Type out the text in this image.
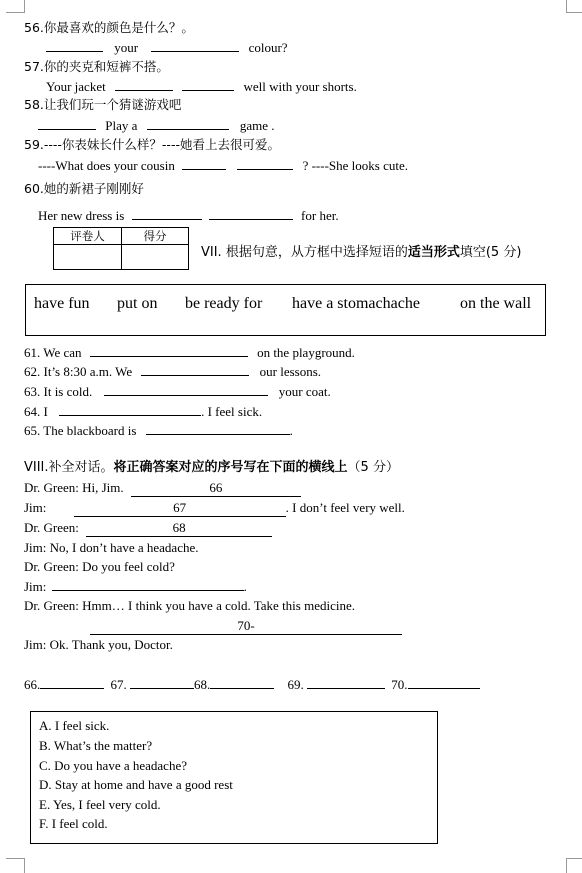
56.你最喜欢的颜色是什么？。
your	colour?
57.你的夹克和短裤不搭。
Your jacket	well with your shorts.
58.让我们玩一个猜谜游戏吧
Play a	game .
59.----你表妹长什么样？----她看上去很可爱。
----What does your cousin	? ----She looks cute.
60.她的新裙子刚刚好
Her new dress is	for her.
评卷人	得分

VII. 根据句意，从方框中选择短语的适当形式填空(5 分)
have fun put on be ready for have a stomachache	on the wall
61. We can	on the playground.
62. It’s 8:30 a.m. We	our lessons.
63. It is cold.	your coat.
64. I	. I feel sick.
65. The blackboard is	.
VIII.补全对话。将正确答案对应的序号写在下面的横线上（5 分）
Dr. Green: Hi, Jim.	66
Jim:	67	. I don’t feel very well.
Dr. Green:	68
Jim: No, I don’t have a headache.
Dr. Green: Do you feel cold?
Jim:	.
Dr. Green: Hmm… I think you have a cold. Take this medicine.
70-
Jim: Ok. Thank you, Doctor.
66.	67.	68.	69.	70.
A. I feel sick.
B. What’s the matter?
C. Do you have a headache?
D. Stay at home and have a good rest
E. Yes, I feel very cold.
F. I feel cold.
